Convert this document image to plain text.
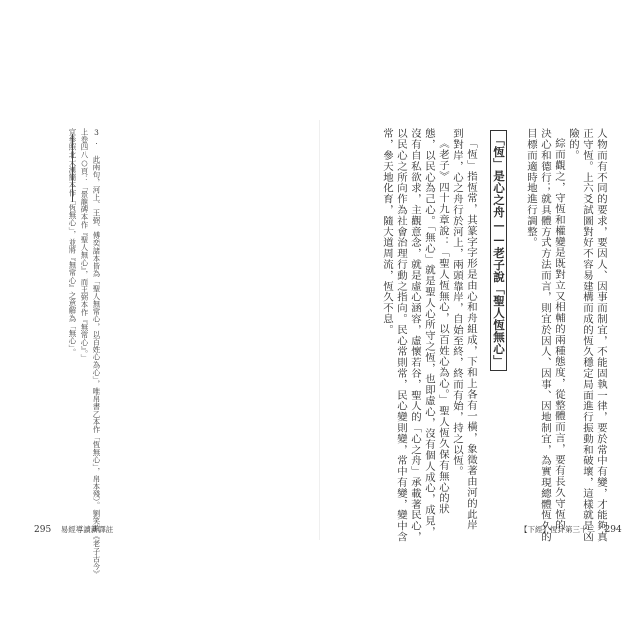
3. 此兩句，河上、王弼、傅奕諸本皆為「聖人無常心，以百姓心為心」，唯帛書乙本作「恆無心」，帛本殘）。劉笑敢《老子古今》
上卷四八○頁：「景龍碑本作『聖人無心』，而王弼本作『無常心』。」
宜參照北大漢簡本作「恆無心」，並將『無常心』之意解為「無心」。
295 易經導讀新譯註	人物而有不同的要求，要因人、因事而制宜，不能固執一律，要於常中有變，才能夠真
正守恆。上六爻試圖對好不容易建構而成的恆久穩定局面進行振動和破壞，這樣就是凶
險的。
綜而觀之，守恆和權變是既對立又相輔的兩種態度，從整體而言，要有長久守恆的
決心和德行；就具體方式方法而言，則宜於因人、因事、因地制宜，為實現總體恆久的
目標而適時地進行調整。
「恆」是心之舟——老子說「聖人恆無心」
「恆」指恆常，其篆字字形是由心和舟組成，下和上各有一橫，象徵著由河的此岸
到對岸，心之舟行於河上，兩頭靠岸，自始至終，終而有始，持之以恆。
《老子》四十九章說：「聖人恆無心，以百姓心為心。」聖人恆久保有無心的狀
態，以民心為己心。「無心」就是聖人心所守之恆，也即虛心，沒有個人成心，成見，
沒有自私欲求，主觀意念，就是虛心涵容，虛懷若谷，聖人的「心之舟」承載著民心，
以民心之所向作為社會治理行動之指向。民心常則常，民心變則變，常中有變，變中含
常，參天地化育，隨大道周流，恆久不息。
【下經】恆卦第三十二 294
